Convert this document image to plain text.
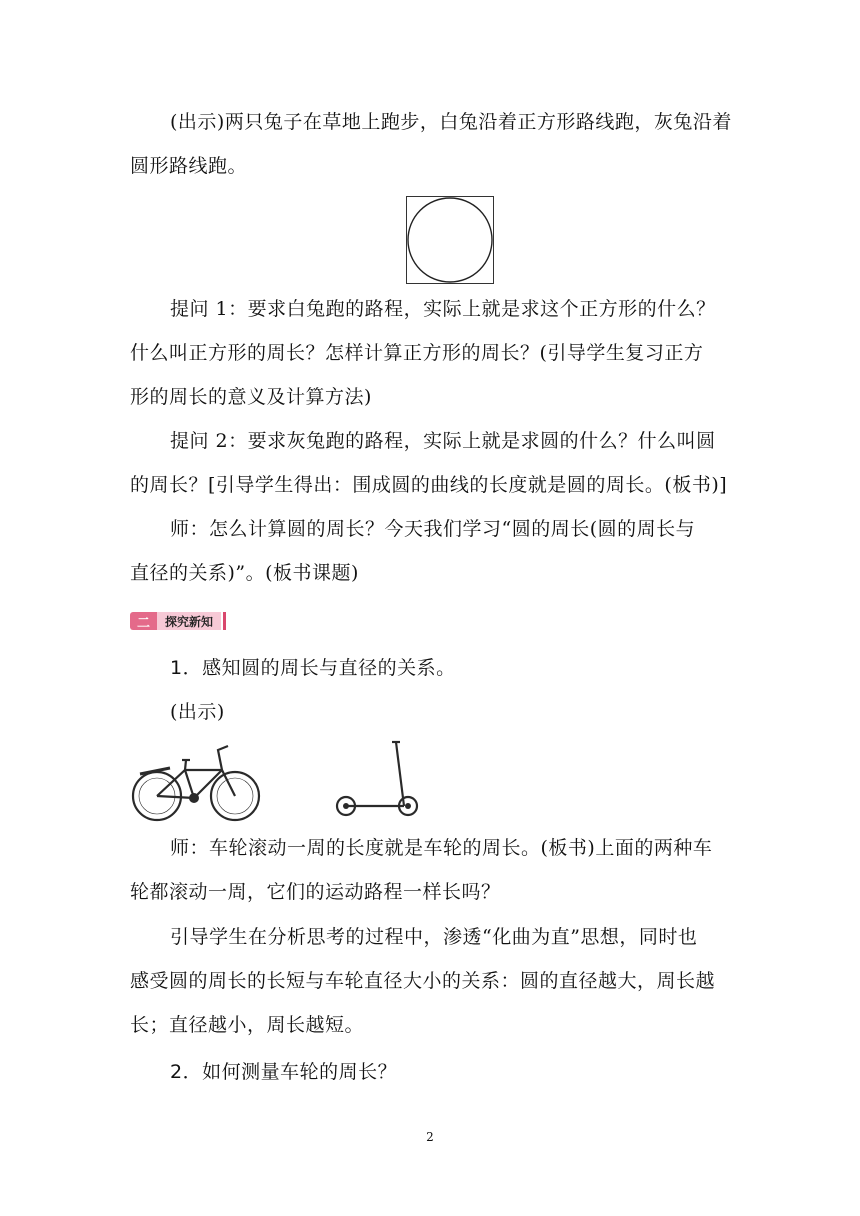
(出示)两只兔子在草地上跑步，白兔沿着正方形路线跑，灰兔沿着
圆形路线跑。

提问 1：要求白兔跑的路程，实际上就是求这个正方形的什么？
什么叫正方形的周长？怎样计算正方形的周长？(引导学生复习正方
形的周长的意义及计算方法)

提问 2：要求灰兔跑的路程，实际上就是求圆的什么？什么叫圆
的周长？[引导学生得出：围成圆的曲线的长度就是圆的周长。(板书)]

师：怎么计算圆的周长？今天我们学习“圆的周长(圆的周长与
直径的关系)”。(板书课题)

二	探究新知

1．感知圆的周长与直径的关系。
(出示)

师：车轮滚动一周的长度就是车轮的周长。(板书)上面的两种车
轮都滚动一周，它们的运动路程一样长吗？

引导学生在分析思考的过程中，渗透“化曲为直”思想，同时也
感受圆的周长的长短与车轮直径大小的关系：圆的直径越大，周长越
长；直径越小，周长越短。

2．如何测量车轮的周长？

2
